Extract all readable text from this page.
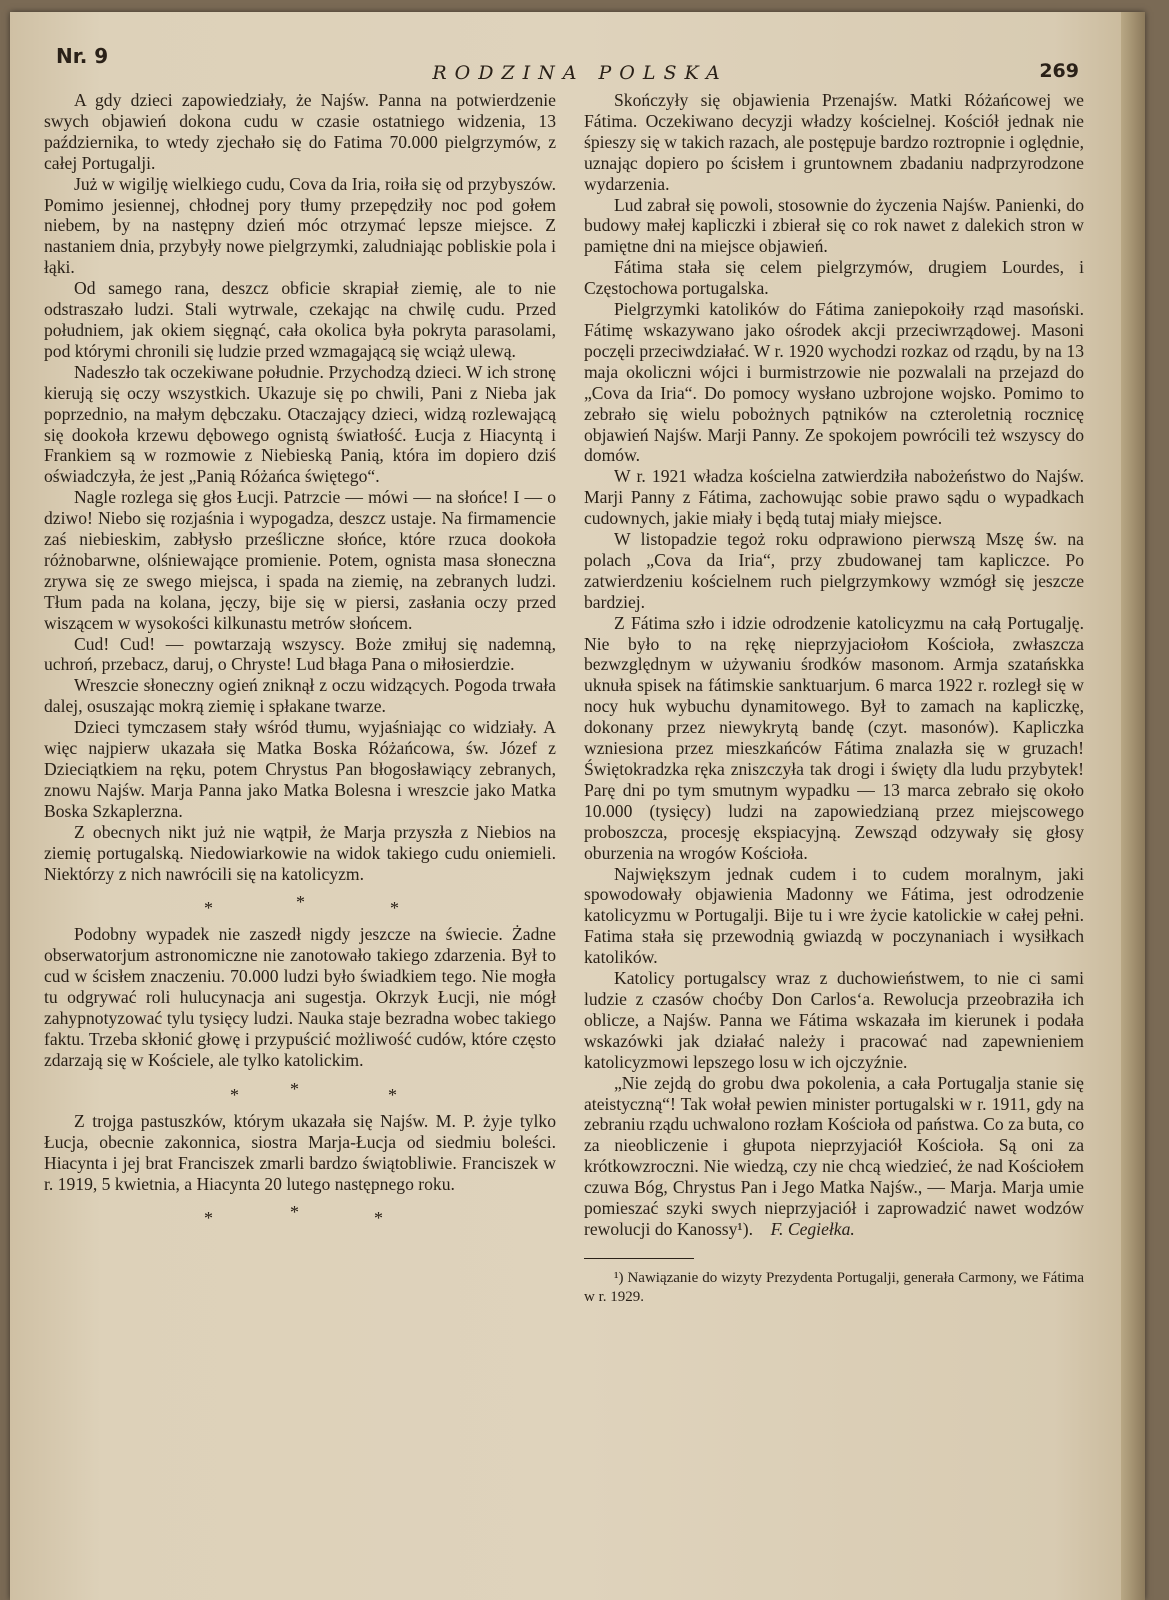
Nr. 9
RODZINA POLSKA	269

A gdy dzieci zapowiedziały, że Najśw. Panna na potwierdzenie swych objawień dokona cudu w czasie ostatniego widzenia, 13 października, to wtedy zjechało się do Fatima 70.000 pielgrzymów, z całej Portugalji.

Już w wigilję wielkiego cudu, Cova da Iria, roiła się od przybyszów. Pomimo jesiennej, chłodnej pory tłumy przepędziły noc pod gołem niebem, by na następny dzień móc otrzymać lepsze miejsce. Z nastaniem dnia, przybyły nowe pielgrzymki, zaludniając pobliskie pola i łąki.

Od samego rana, deszcz obficie skrapiał ziemię, ale to nie odstraszało ludzi. Stali wytrwale, czekając na chwilę cudu. Przed południem, jak okiem sięgnąć, cała okolica była pokryta parasolami, pod którymi chronili się ludzie przed wzmagającą się wciąż ulewą.

Nadeszło tak oczekiwane południe. Przychodzą dzieci. W ich stronę kierują się oczy wszystkich. Ukazuje się po chwili, Pani z Nieba jak poprzednio, na małym dębczaku. Otaczający dzieci, widzą rozlewającą się dookoła krzewu dębowego ognistą światłość. Łucja z Hiacyntą i Frankiem są w rozmowie z Niebieską Panią, która im dopiero dziś oświadczyła, że jest „Panią Różańca świętego“.

Nagle rozlega się głos Łucji. Patrzcie — mówi — na słońce! I — o dziwo! Niebo się rozjaśnia i wypogadza, deszcz ustaje. Na firmamencie zaś niebieskim, zabłysło prześliczne słońce, które rzuca dookoła różnobarwne, olśniewające promienie. Potem, ognista masa słoneczna zrywa się ze swego miejsca, i spada na ziemię, na zebranych ludzi. Tłum pada na kolana, jęczy, bije się w piersi, zasłania oczy przed wiszącem w wysokości kilkunastu metrów słońcem.

Cud! Cud! — powtarzają wszyscy. Boże zmiłuj się nademną, uchroń, przebacz, daruj, o Chryste! Lud błaga Pana o miłosierdzie.

Wreszcie słoneczny ogień zniknął z oczu widzących. Pogoda trwała dalej, osuszając mokrą ziemię i spłakane twarze.

Dzieci tymczasem stały wśród tłumu, wyjaśniając co widziały. A więc najpierw ukazała się Matka Boska Różańcowa, św. Józef z Dzieciątkiem na ręku, potem Chrystus Pan błogosławiący zebranych, znowu Najśw. Marja Panna jako Matka Bolesna i wreszcie jako Matka Boska Szkaplerzna.

Z obecnych nikt już nie wątpił, że Marja przyszła z Niebios na ziemię portugalską. Niedowiarkowie na widok takiego cudu oniemieli. Niektórzy z nich nawrócili się na katolicyzm.

*	*	*

Podobny wypadek nie zaszedł nigdy jeszcze na świecie. Żadne obserwatorjum astronomiczne nie zanotowało takiego zdarzenia. Był to cud w ścisłem znaczeniu. 70.000 ludzi było świadkiem tego. Nie mogła tu odgrywać roli hulucynacja ani sugestja. Okrzyk Łucji, nie mógł zahypnotyzować tylu tysięcy ludzi. Nauka staje bezradna wobec takiego faktu. Trzeba skłonić głowę i przypuścić możliwość cudów, które często zdarzają się w Kościele, ale tylko katolickim.

*	*	*

Z trojga pastuszków, którym ukazała się Najśw. M. P. żyje tylko Łucja, obecnie zakonnica, siostra Marja-Łucja od siedmiu boleści. Hiacynta i jej brat Franciszek zmarli bardzo świątobliwie. Franciszek w r. 1919, 5 kwietnia, a Hiacynta 20 lutego następnego roku.

*	*	*

Skończyły się objawienia Przenajśw. Matki Różańcowej we Fátima. Oczekiwano decyzji władzy kościelnej. Kościół jednak nie śpieszy się w takich razach, ale postępuje bardzo roztropnie i oględnie, uznając dopiero po ścisłem i gruntownem zbadaniu nadprzyrodzone wydarzenia.

Lud zabrał się powoli, stosownie do życzenia Najśw. Panienki, do budowy małej kapliczki i zbierał się co rok nawet z dalekich stron w pamiętne dni na miejsce objawień.

Fátima stała się celem pielgrzymów, drugiem Lourdes, i Częstochowa portugalska.

Pielgrzymki katolików do Fátima zaniepokoiły rząd masoński. Fátimę wskazywano jako ośrodek akcji przeciwrządowej. Masoni poczęli przeciwdziałać. W r. 1920 wychodzi rozkaz od rządu, by na 13 maja okoliczni wójci i burmistrzowie nie pozwalali na przejazd do „Cova da Iria“. Do pomocy wysłano uzbrojone wojsko. Pomimo to zebrało się wielu pobożnych pątników na czteroletnią rocznicę objawień Najśw. Marji Panny. Ze spokojem powrócili też wszyscy do domów.

W r. 1921 władza kościelna zatwierdziła nabożeństwo do Najśw. Marji Panny z Fátima, zachowując sobie prawo sądu o wypadkach cudownych, jakie miały i będą tutaj miały miejsce.

W listopadzie tegoż roku odprawiono pierwszą Mszę św. na polach „Cova da Iria“, przy zbudowanej tam kapliczce. Po zatwierdzeniu kościelnem ruch pielgrzymkowy wzmógł się jeszcze bardziej.

Z Fátima szło i idzie odrodzenie katolicyzmu na całą Portugalję. Nie było to na rękę nieprzyjaciołom Kościoła, zwłaszcza bezwzględnym w używaniu środków masonom. Armja szatańskka uknuła spisek na fátimskie sanktuarjum. 6 marca 1922 r. rozległ się w nocy huk wybuchu dynamitowego. Był to zamach na kapliczkę, dokonany przez niewykrytą bandę (czyt. masonów). Kapliczka wzniesiona przez mieszkańców Fátima znalazła się w gruzach! Świętokradzka ręka zniszczyła tak drogi i święty dla ludu przybytek! Parę dni po tym smutnym wypadku — 13 marca zebrało się około 10.000 (tysięcy) ludzi na zapowiedzianą przez miejscowego proboszcza, procesję ekspiacyjną. Zewsząd odzywały się głosy oburzenia na wrogów Kościoła.

Największym jednak cudem i to cudem moralnym, jaki spowodowały objawienia Madonny we Fátima, jest odrodzenie katolicyzmu w Portugalji. Bije tu i wre życie katolickie w całej pełni. Fatima stała się przewodnią gwiazdą w poczynaniach i wysiłkach katolików.

Katolicy portugalscy wraz z duchowieństwem, to nie ci sami ludzie z czasów choćby Don Carlos‘a. Rewolucja przeobraziła ich oblicze, a Najśw. Panna we Fátima wskazała im kierunek i podała wskazówki jak działać należy i pracować nad zapewnieniem katolicyzmowi lepszego losu w ich ojczyźnie.

„Nie zejdą do grobu dwa pokolenia, a cała Portugalja stanie się ateistyczną“! Tak wołał pewien minister portugalski w r. 1911, gdy na zebraniu rządu uchwalono rozłam Kościoła od państwa. Co za buta, co za nieobliczenie i głupota nieprzyjaciół Kościoła. Są oni za krótkowzroczni. Nie wiedzą, czy nie chcą wiedzieć, że nad Kościołem czuwa Bóg, Chrystus Pan i Jego Matka Najśw., — Marja. Marja umie pomieszać szyki swych nieprzyjaciół i zaprowadzić nawet wodzów rewolucji do Kanossy¹). F. Cegiełka.

¹) Nawiązanie do wizyty Prezydenta Portugalji, generała Carmony, we Fátima w r. 1929.
